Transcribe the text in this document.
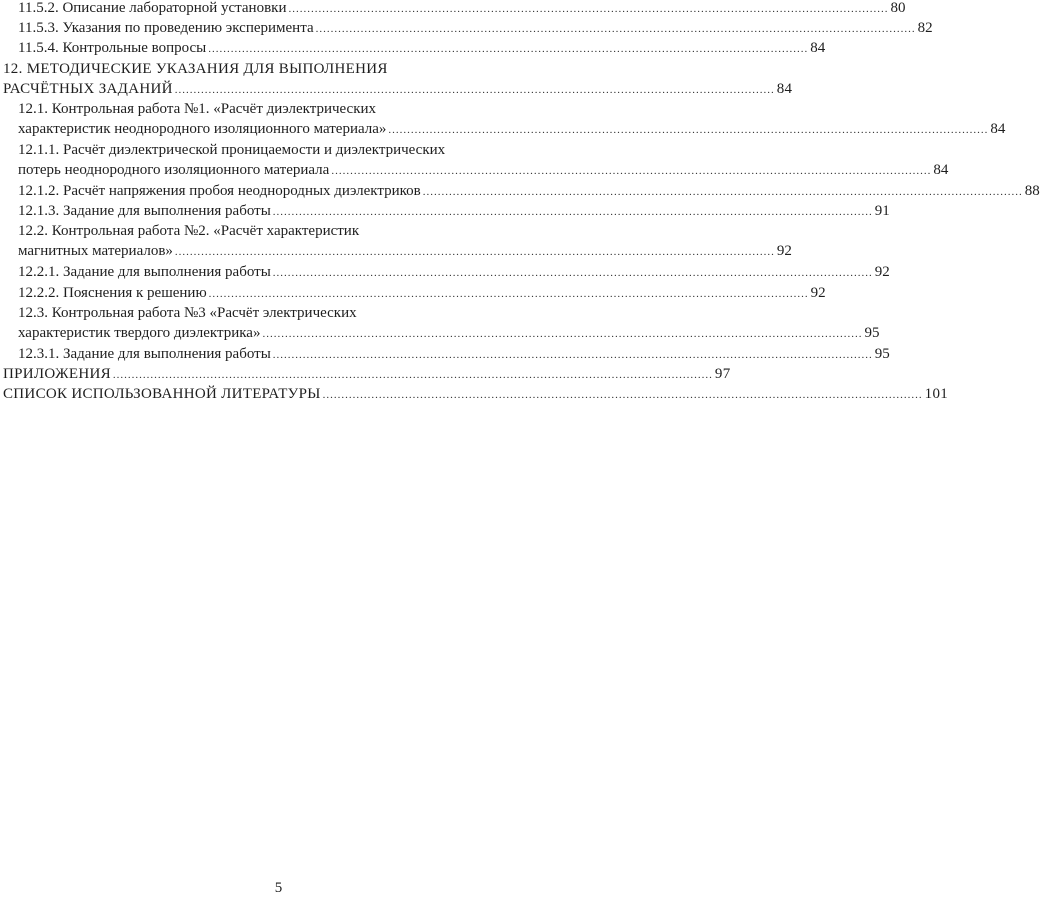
11.5.2. Описание лабораторной установки ................................................................................................................................................................ 80
11.5.3. Указания по проведению эксперимента ................................................................................................................................................................ 82
11.5.4. Контрольные вопросы ................................................................................................................................................................ 84
12. МЕТОДИЧЕСКИЕ УКАЗАНИЯ ДЛЯ ВЫПОЛНЕНИЯ
РАСЧЁТНЫХ ЗАДАНИЙ ................................................................................................................................................................ 84
12.1. Контрольная работа №1. «Расчёт диэлектрических
характеристик неоднородного изоляционного материала» ................................................................................................................................................................ 84
12.1.1. Расчёт диэлектрической проницаемости и диэлектрических
потерь неоднородного изоляционного материала ................................................................................................................................................................ 84
12.1.2. Расчёт напряжения пробоя неоднородных диэлектриков ................................................................................................................................................................ 88
12.1.3. Задание для выполнения работы ................................................................................................................................................................ 91
12.2. Контрольная работа №2. «Расчёт характеристик
магнитных материалов» ................................................................................................................................................................ 92
12.2.1. Задание для выполнения работы ................................................................................................................................................................ 92
12.2.2. Пояснения к решению ................................................................................................................................................................ 92
12.3. Контрольная работа №3 «Расчёт электрических
характеристик твердого диэлектрика» ................................................................................................................................................................ 95
12.3.1. Задание для выполнения работы ................................................................................................................................................................ 95
ПРИЛОЖЕНИЯ ................................................................................................................................................................ 97
СПИСОК ИСПОЛЬЗОВАННОЙ ЛИТЕРАТУРЫ ................................................................................................................................................................ 101
5
